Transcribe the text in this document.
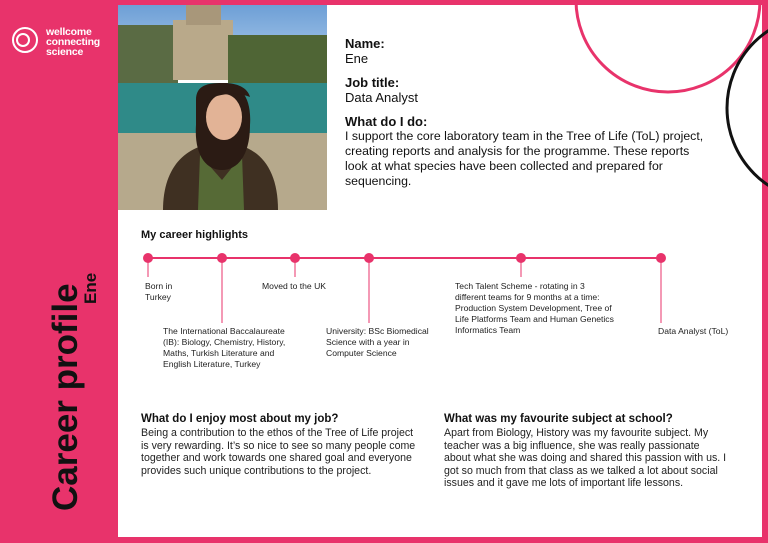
wellcome
connecting
science
Career profile
Ene
Name:
Ene
Job title:
Data Analyst
What do I do:
I support the core laboratory team in the Tree of Life (ToL) project, creating reports and analysis for the programme. These reports look at what species have been collected and prepared for sequencing.
My career highlights
Born in Turkey
The International Baccalaureate (IB): Biology, Chemistry, History, Maths, Turkish Literature and English Literature, Turkey
Moved to the UK
University: BSc Biomedical Science with a year in Computer Science
Tech Talent Scheme - rotating in 3 different teams for 9 months at a time: Production System Development, Tree of Life Platforms Team and Human Genetics Informatics Team	Data Analyst (ToL)
What do I enjoy most about my job?
Being a contribution to the ethos of the Tree of Life project is very rewarding. It’s so nice to see so many people come together and work towards one shared goal and everyone provides such unique contributions to the project.
What was my favourite subject at school?
Apart from Biology, History was my favourite subject. My teacher was a big influence, she was really passionate about what she was doing and shared this passion with us. I got so much from that class as we talked a lot about social issues and it gave me lots of important life lessons.
